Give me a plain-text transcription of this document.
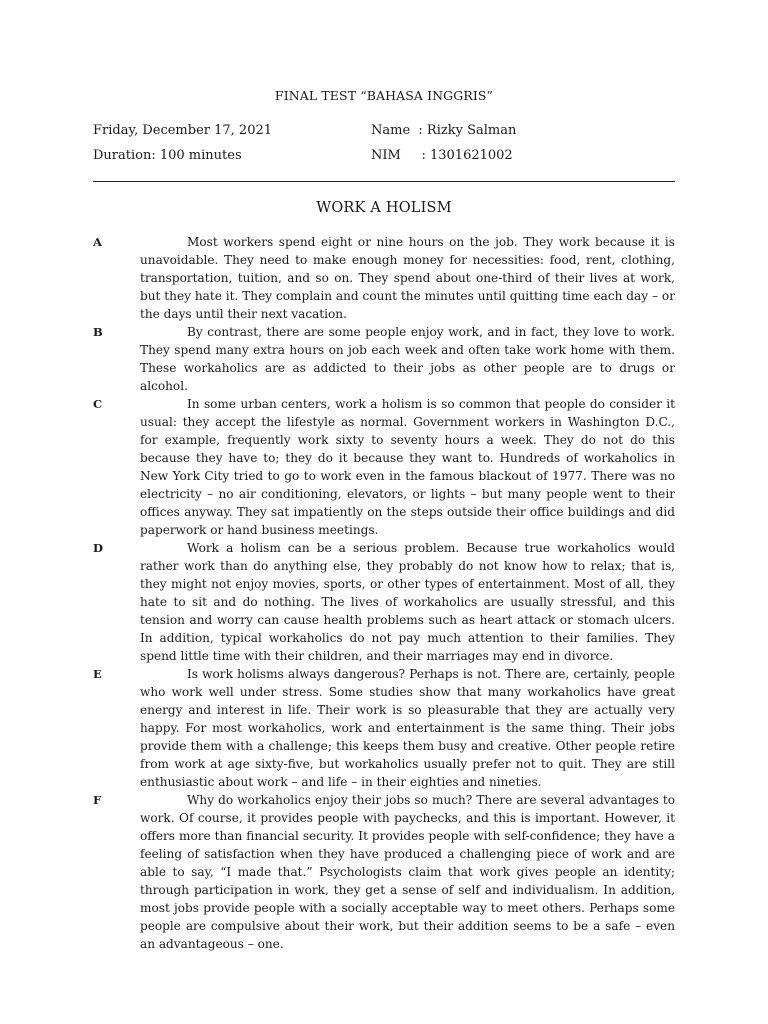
FINAL TEST “BAHASA INGGRIS”
Friday, December 17, 2021
Duration: 100 minutes
Name  : Rizky Salman
NIM     : 1301621002
WORK A HOLISM
A	Most workers spend eight or nine hours on the job. They work because it is unavoidable. They need to make enough money for necessities: food, rent, clothing, transportation, tuition, and so on. They spend about one-third of their lives at work, but they hate it. They complain and count the minutes until quitting time each day – or the days until their next vacation.
B	By contrast, there are some people enjoy work, and in fact, they love to work. They spend many extra hours on job each week and often take work home with them. These workaholics are as addicted to their jobs as other people are to drugs or alcohol.
C	In some urban centers, work a holism is so common that people do consider it usual: they accept the lifestyle as normal. Government workers in Washington D.C., for example, frequently work sixty to seventy hours a week. They do not do this because they have to; they do it because they want to. Hundreds of workaholics in New York City tried to go to work even in the famous blackout of 1977. There was no electricity – no air conditioning, elevators, or lights – but many people went to their offices anyway. They sat impatiently on the steps outside their office buildings and did paperwork or hand business meetings.
D	Work a holism can be a serious problem. Because true workaholics would rather work than do anything else, they probably do not know how to relax; that is, they might not enjoy movies, sports, or other types of entertainment. Most of all, they hate to sit and do nothing. The lives of workaholics are usually stressful, and this tension and worry can cause health problems such as heart attack or stomach ulcers. In addition, typical workaholics do not pay much attention to their families. They spend little time with their children, and their marriages may end in divorce.
E	Is work holisms always dangerous? Perhaps is not. There are, certainly, people who work well under stress. Some studies show that many workaholics have great energy and interest in life. Their work is so pleasurable that they are actually very happy. For most workaholics, work and entertainment is the same thing. Their jobs provide them with a challenge; this keeps them busy and creative. Other people retire from work at age sixty-five, but workaholics usually prefer not to quit. They are still enthusiastic about work – and life – in their eighties and nineties.
F	Why do workaholics enjoy their jobs so much? There are several advantages to work. Of course, it provides people with paychecks, and this is important. However, it offers more than financial security. It provides people with self-confidence; they have a feeling of satisfaction when they have produced a challenging piece of work and are able to say, “I made that.” Psychologists claim that work gives people an identity; through participation in work, they get a sense of self and individualism. In addition, most jobs provide people with a socially acceptable way to meet others. Perhaps some people are compulsive about their work, but their addition seems to be a safe – even an advantageous – one.
